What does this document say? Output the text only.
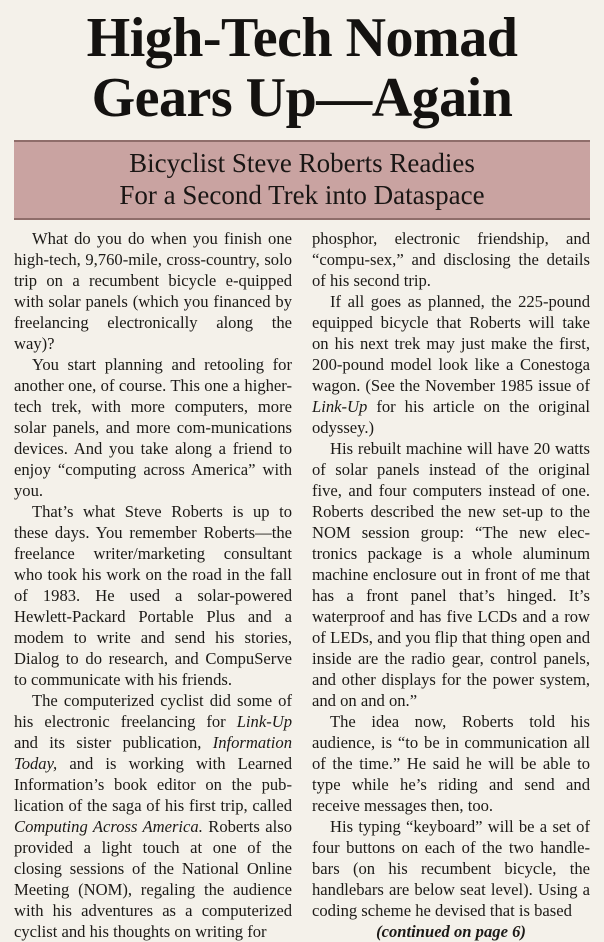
High-Tech Nomad
Gears Up—Again
Bicyclist Steve Roberts Readies
For a Second Trek into Dataspace

What do you do when you finish one high-tech, 9,760-mile, cross-country, solo trip on a recumbent bicycle e-quipped with solar panels (which you financed by freelancing electronically along the way)?

You start planning and retooling for another one, of course. This one a higher-tech trek, with more computers, more solar panels, and more com-munications devices. And you take along a friend to enjoy “computing across America” with you.

That’s what Steve Roberts is up to these days. You remember Roberts—the freelance writer/marketing consultant who took his work on the road in the fall of 1983. He used a solar-powered Hewlett-Packard Portable Plus and a modem to write and send his stories, Dialog to do research, and CompuServe to communicate with his friends.

The computerized cyclist did some of his electronic freelancing for Link-Up and its sister publication, Information Today, and is working with Learned Information’s book editor on the pub-lication of the saga of his first trip, called Computing Across America. Roberts also provided a light touch at one of the closing sessions of the National Online Meeting (NOM), regaling the audience with his adventures as a computerized cyclist and his thoughts on writing for

phosphor, electronic friendship, and “compu-sex,” and disclosing the details of his second trip.

If all goes as planned, the 225-pound equipped bicycle that Roberts will take on his next trek may just make the first, 200-pound model look like a Conestoga wagon. (See the November 1985 issue of Link-Up for his article on the original odyssey.)

His rebuilt machine will have 20 watts of solar panels instead of the original five, and four computers instead of one. Roberts described the new set-up to the NOM session group: “The new elec-tronics package is a whole aluminum machine enclosure out in front of me that has a front panel that’s hinged. It’s waterproof and has five LCDs and a row of LEDs, and you flip that thing open and inside are the radio gear, control panels, and other displays for the power system, and on and on.”

The idea now, Roberts told his audience, is “to be in communication all of the time.” He said he will be able to type while he’s riding and send and receive messages then, too.

His typing “keyboard” will be a set of four buttons on each of the two handle-bars (on his recumbent bicycle, the handlebars are below seat level). Using a coding scheme he devised that is based

(continued on page 6)
